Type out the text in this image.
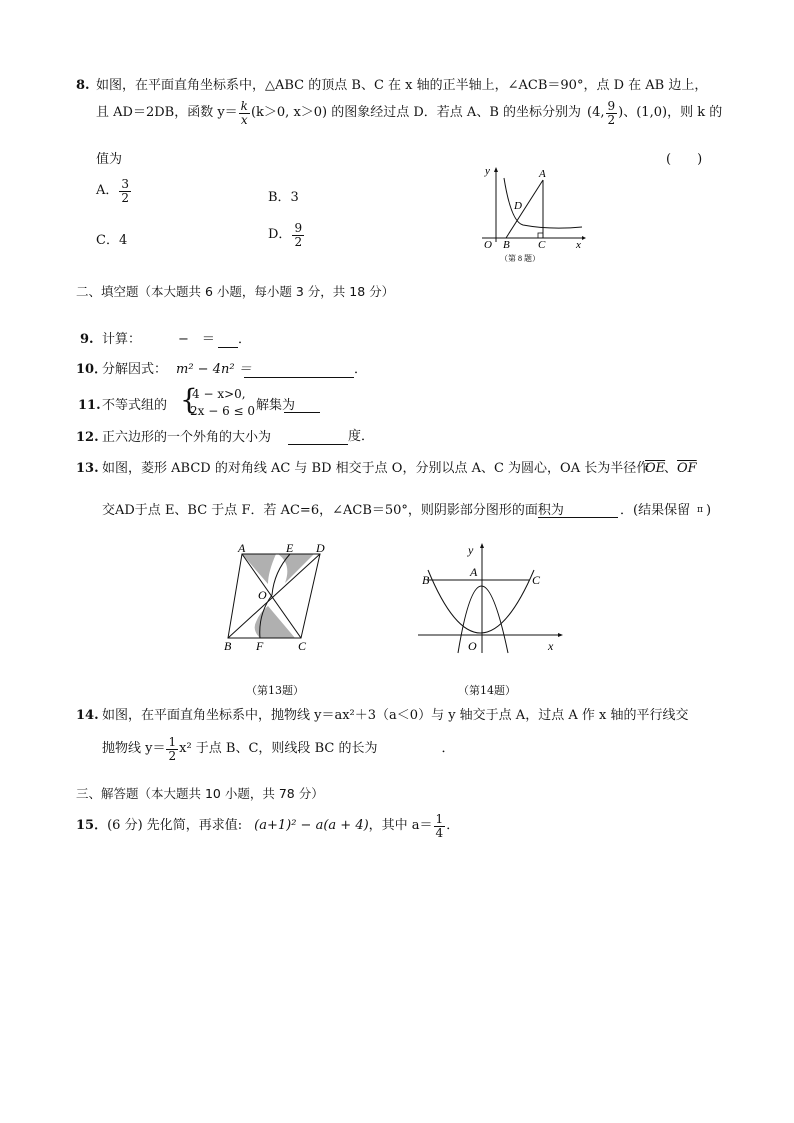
8. 如图，在平面直角坐标系中，△ABC 的顶点 B、C 在 x 轴的正半轴上，∠ACB＝90°，点 D 在 AB 边上，
且 AD＝2DB，函数 $y= \frac{k}{x} (k>0$, x＞0) 的图象经过点 D．若点 A、B 的坐标分别为 (4, $\frac{9}{2}$ ) 、 (1,0) ，则 k 的
值为	(　　)
A． $\frac{3}{2}$	B．3
C．4	D． $\frac{9}{2}$
y	A
D
O B	C	x
（第 8 题）
二、填空题（本大题共 6 小题，每小题 3 分，共 18 分）
9. 计算：	−　＝	．
10．
分解因式： m² − 4n² ＝	．
11. 不等式组的 {
4 − x>0,
2x − 6 ≤ 0 解集为
12. 正六边形的一个外角的大小为	度．
13. 如图，菱形 ABCD 的对角线 AC 与 BD 相交于点 O，分别以点 A、C 为圆心，OA 长为半径作
$\overline{OE}$
、 $\overline{OF}$
交AD于点 E、BC 于点 F．若 AC=6，∠ACB＝50°，则阴影部分图形的面积为	．(结果保留 π )
A	E D
O
B F	C
（第13题）
y
A
B	C
O	x
（第14题）
14. 如图，在平面直角坐标系中，抛物线 y＝ax²＋3（a＜0）与 y 轴交于点 A，过点 A 作 x 轴的平行线交
抛物线 $y= \frac{1}{2} x^2$ 于点 B、C，则线段 BC 的长为	．
三、解答题（本大题共 10 小题，共 78 分）
15． (6 分) 先化简，再求值: (a+1)² − a(a + 4) ，其中 $a= \frac{1}{4}$ ．
